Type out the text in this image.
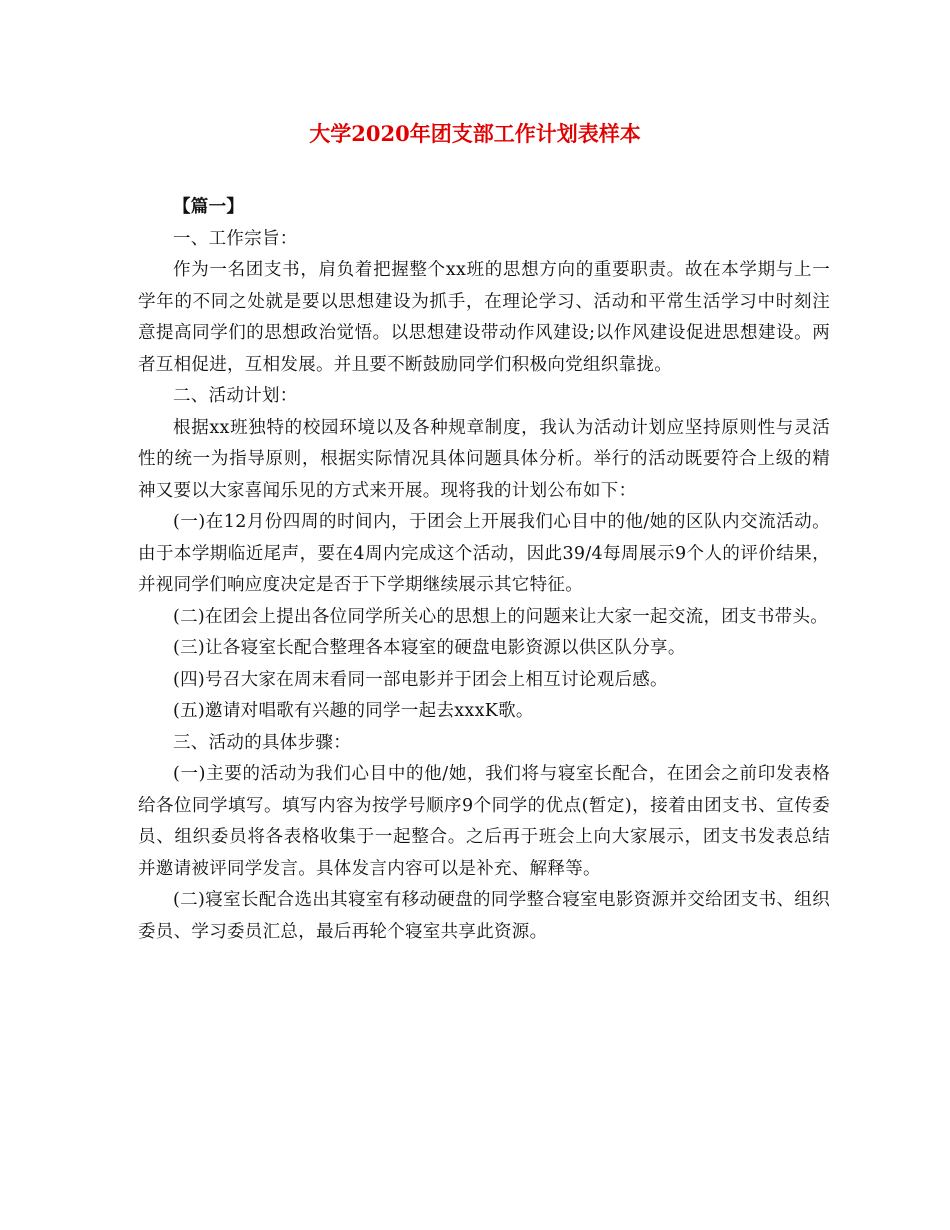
大学2020年团支部工作计划表样本

【篇一】

一、工作宗旨：

作为一名团支书，肩负着把握整个xx班的思想方向的重要职责。故在本学期与上一学年的不同之处就是要以思想建设为抓手，在理论学习、活动和平常生活学习中时刻注意提高同学们的思想政治觉悟。以思想建设带动作风建设;以作风建设促进思想建设。两者互相促进，互相发展。并且要不断鼓励同学们积极向党组织靠拢。

二、活动计划：

根据xx班独特的校园环境以及各种规章制度，我认为活动计划应坚持原则性与灵活性的统一为指导原则，根据实际情况具体问题具体分析。举行的活动既要符合上级的精神又要以大家喜闻乐见的方式来开展。现将我的计划公布如下：

(一)在12月份四周的时间内，于团会上开展我们心目中的他/她的区队内交流活动。由于本学期临近尾声，要在4周内完成这个活动，因此39/4每周展示9个人的评价结果，并视同学们响应度决定是否于下学期继续展示其它特征。

(二)在团会上提出各位同学所关心的思想上的问题来让大家一起交流，团支书带头。

(三)让各寝室长配合整理各本寝室的硬盘电影资源以供区队分享。

(四)号召大家在周末看同一部电影并于团会上相互讨论观后感。

(五)邀请对唱歌有兴趣的同学一起去xxxK歌。

三、活动的具体步骤：

(一)主要的活动为我们心目中的他/她，我们将与寝室长配合，在团会之前印发表格给各位同学填写。填写内容为按学号顺序9个同学的优点(暂定)，接着由团支书、宣传委员、组织委员将各表格收集于一起整合。之后再于班会上向大家展示，团支书发表总结并邀请被评同学发言。具体发言内容可以是补充、解释等。

(二)寝室长配合选出其寝室有移动硬盘的同学整合寝室电影资源并交给团支书、组织委员、学习委员汇总，最后再轮个寝室共享此资源。
